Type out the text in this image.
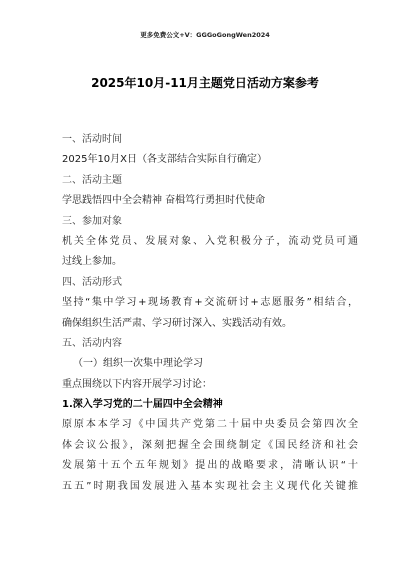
更多免费公文+V：GGGoGongWen2024
2025年10月-11月主题党日活动方案参考
一、活动时间
2025年10月X日（各支部结合实际自行确定）
二、活动主题
学思践悟四中全会精神 奋楫笃行勇担时代使命
三、参加对象
机关全体党员、发展对象、入党积极分子，流动党员可通
过线上参加。
四、活动形式
坚持“集中学习+现场教育+交流研讨+志愿服务”相结合，
确保组织生活严肃、学习研讨深入、实践活动有效。
五、活动内容
（一）组织一次集中理论学习
重点围绕以下内容开展学习讨论：
1.深入学习党的二十届四中全会精神
原原本本学习《中国共产党第二十届中央委员会第四次全
体会议公报》，深刻把握全会围绕制定《国民经济和社会
发展第十五个五年规划》提出的战略要求，清晰认识“十
五五”时期我国发展进入基本实现社会主义现代化关键推
